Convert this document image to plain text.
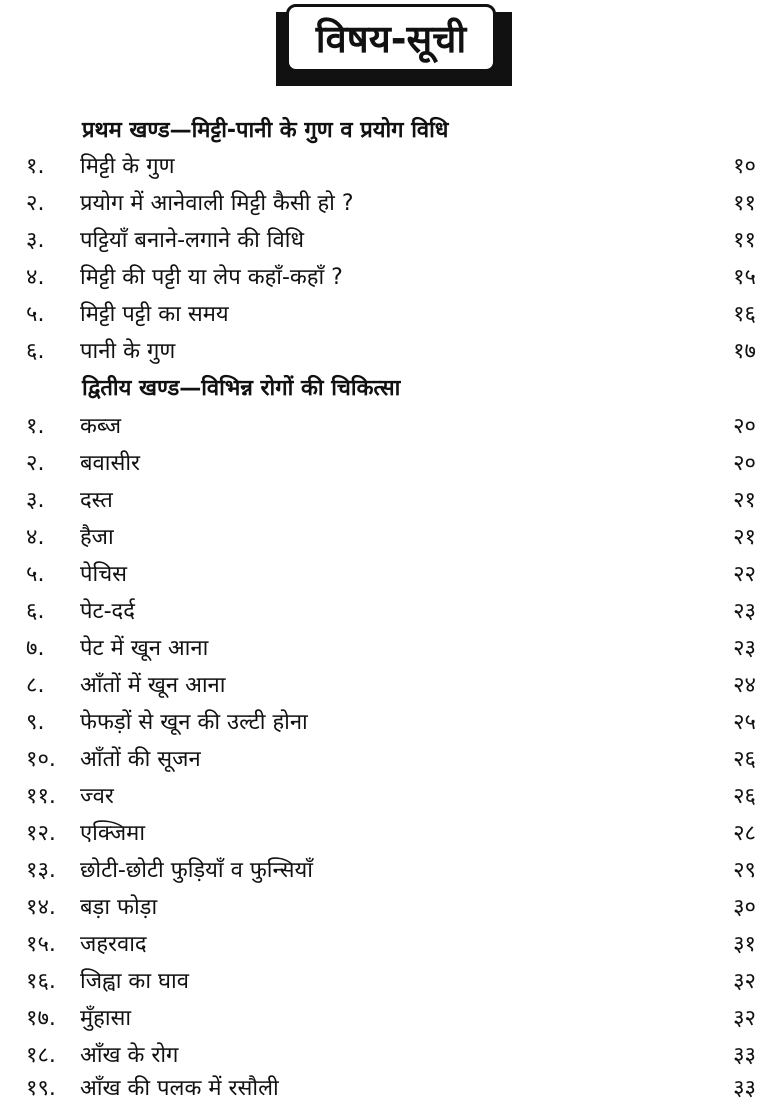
विषय-सूची
प्रथम खण्ड—मिट्टी-पानी के गुण व प्रयोग विधि
१. मिट्टी के गुण	१०
२. प्रयोग में आनेवाली मिट्टी कैसी हो ?	११
३. पट्टियाँ बनाने-लगाने की विधि	११
४. मिट्टी की पट्टी या लेप कहाँ-कहाँ ?	१५
५. मिट्टी पट्टी का समय	१६
६. पानी के गुण	१७
द्वितीय खण्ड—विभिन्न रोगों की चिकित्सा
१. कब्ज	२०
२. बवासीर	२०
३. दस्त	२१
४. हैजा	२१
५. पेचिस	२२
६. पेट-दर्द	२३
७. पेट में खून आना	२३
८. आँतों में खून आना	२४
९. फेफड़ों से खून की उल्टी होना	२५
१०. आँतों की सूजन	२६
११. ज्वर	२६
१२. एक्जिमा	२८
१३. छोटी-छोटी फुड़ियाँ व फुन्सियाँ	२९
१४. बड़ा फोड़ा	३०
१५. जहरवाद	३१
१६. जिह्वा का घाव	३२
१७. मुँहासा	३२
१८. आँख के रोग	३३
१९. आँख की पलक में रसौली	३३
